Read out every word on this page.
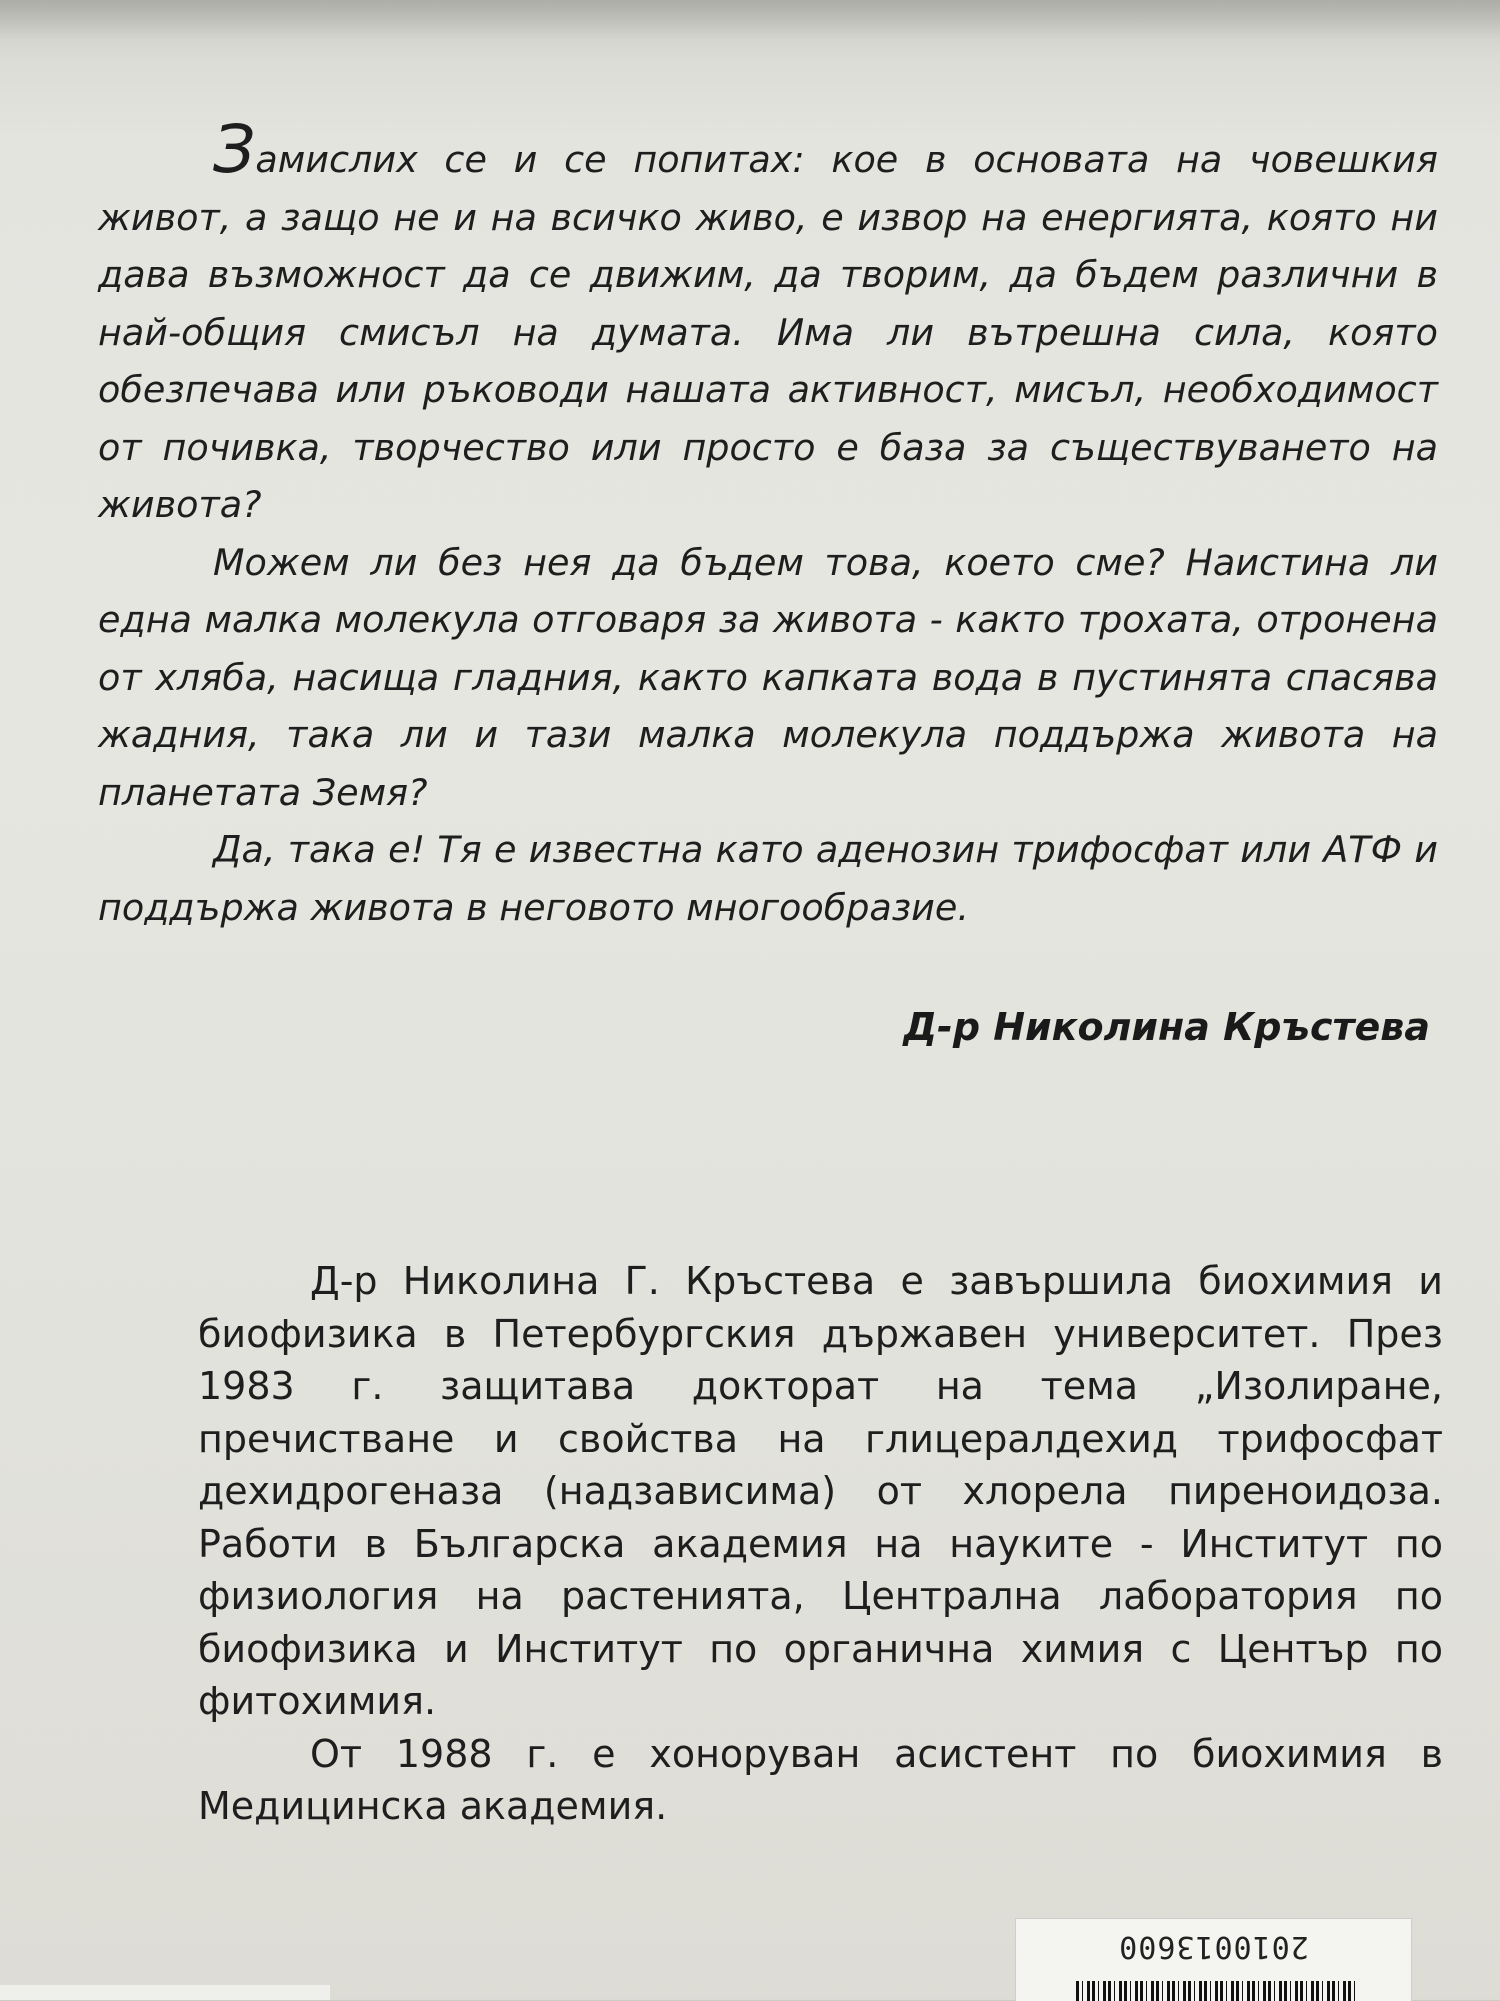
Замислих се и се попитах: кое в основата на човешкия живот, а защо не и на всичко живо, е извор на енергията, която ни дава възможност да се движим, да творим, да бъдем различни в най-общия смисъл на думата. Има ли вътрешна сила, която обезпечава или ръководи нашата активност, мисъл, необходимост от почивка, творчество или просто е база за съществуването на живота?

Можем ли без нея да бъдем това, което сме? Наистина ли една малка молекула отговаря за живота - както трохата, отронена от хляба, насища гладния, както капката вода в пустинята спасява жадния, така ли и тази малка молекула поддържа живота на планетата Земя?

Да, така е! Тя е известна като аденозин трифосфат или АТФ и поддържа живота в неговото многообразие.

Д-р Николина Кръстева

Д-р Николина Г. Кръстева е завършила биохимия и биофизика в Петербургския държавен университет. През 1983 г. защитава докторат на тема „Изолиране, пречистване и свойства на глицералдехид трифосфат дехидрогеназа (надзависима) от хлорела пиреноидоза. Работи в Българска академия на науките - Институт по физиология на растенията, Централна лаборатория по биофизика и Институт по органична химия с Център по фитохимия.

От 1988 г. е хоноруван асистент по биохимия в Медицинска академия.

2010013600
